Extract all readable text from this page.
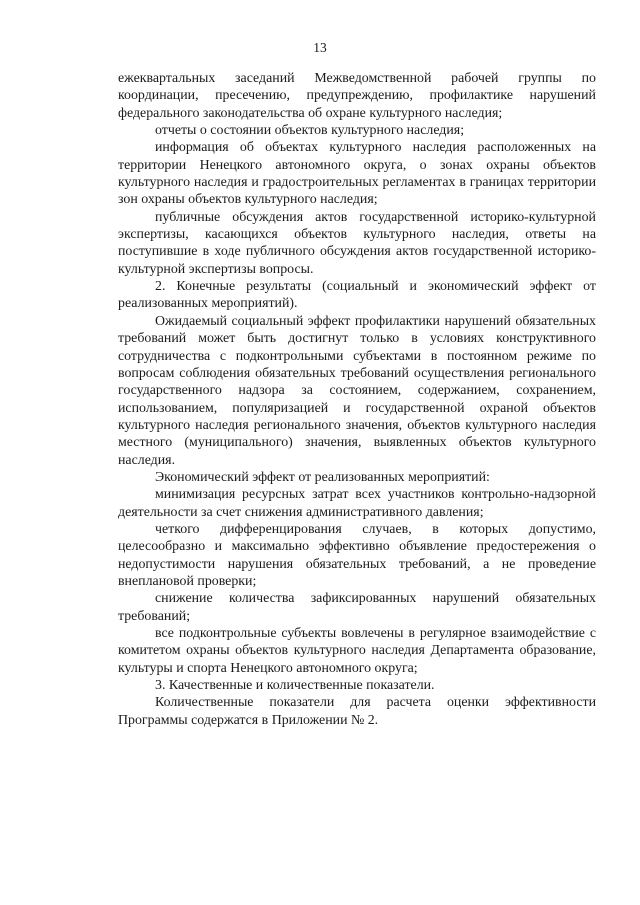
13

ежеквартальных заседаний Межведомственной рабочей группы по координации, пресечению, предупреждению, профилактике нарушений федерального законодательства об охране культурного наследия;

отчеты о состоянии объектов культурного наследия;

информация об объектах культурного наследия расположенных на территории Ненецкого автономного округа, о зонах охраны объектов культурного наследия и градостроительных регламентах в границах территории зон охраны объектов культурного наследия;

публичные обсуждения актов государственной историко-культурной экспертизы, касающихся объектов культурного наследия, ответы на поступившие в ходе публичного обсуждения актов государственной историко-культурной экспертизы вопросы.

2. Конечные результаты (социальный и экономический эффект от реализованных мероприятий).

Ожидаемый социальный эффект профилактики нарушений обязательных требований может быть достигнут только в условиях конструктивного сотрудничества с подконтрольными субъектами в постоянном режиме по вопросам соблюдения обязательных требований осуществления регионального государственного надзора за состоянием, содержанием, сохранением, использованием, популяризацией и государственной охраной объектов культурного наследия регионального значения, объектов культурного наследия местного (муниципального) значения, выявленных объектов культурного наследия.

Экономический эффект от реализованных мероприятий:

минимизация ресурсных затрат всех участников контрольно-надзорной деятельности за счет снижения административного давления;

четкого дифференцирования случаев, в которых допустимо, целесообразно и максимально эффективно объявление предостережения о недопустимости нарушения обязательных требований, а не проведение внеплановой проверки;

снижение количества зафиксированных нарушений обязательных требований;

все подконтрольные субъекты вовлечены в регулярное взаимодействие с комитетом охраны объектов культурного наследия Департамента образование, культуры и спорта Ненецкого автономного округа;

3. Качественные и количественные показатели.

Количественные показатели для расчета оценки эффективности Программы содержатся в Приложении № 2.
